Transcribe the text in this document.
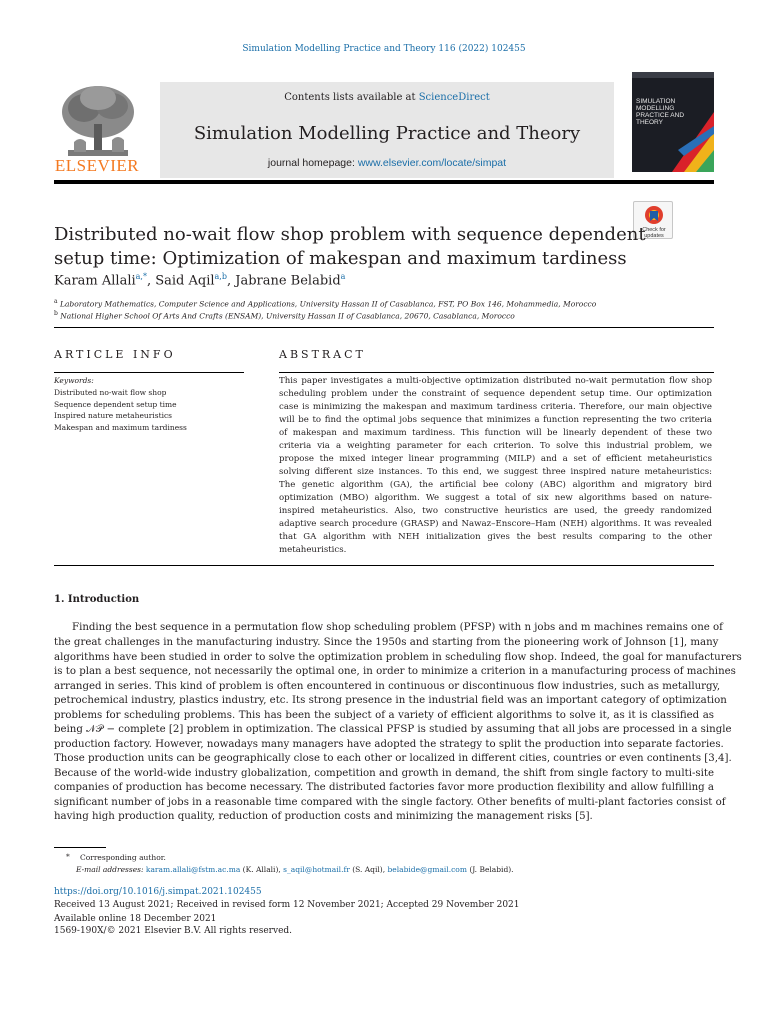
Simulation Modelling Practice and Theory 116 (2022) 102455
ELSEVIER
Contents lists available at ScienceDirect
Simulation Modelling Practice and Theory
journal homepage: www.elsevier.com/locate/simpat
SIMULATION MODELLING PRACTICE AND THEORY
Check for updates
Distributed no-wait flow shop problem with sequence dependent
setup time: Optimization of makespan and maximum tardiness
Karam Allali$^{a,*}$, Said Aqil$^{a,b}$, Jabrane Belabid$^a$
$^a$ Laboratory Mathematics, Computer Science and Applications, University Hassan II of Casablanca, FST, PO Box 146, Mohammedia, Morocco
$^b$ National Higher School Of Arts And Crafts (ENSAM), University Hassan II of Casablanca, 20670, Casablanca, Morocco
ARTICLE INFO	ABSTRACT
Keywords:
Distributed no-wait flow shop
Sequence dependent setup time
Inspired nature metaheuristics
Makespan and maximum tardiness
This paper investigates a multi-objective optimization distributed no-wait permutation flow shop
scheduling problem under the constraint of sequence dependent setup time. Our optimization
case is minimizing the makespan and maximum tardiness criteria. Therefore, our main objective
will be to find the optimal jobs sequence that minimizes a function representing the two criteria
of makespan and maximum tardiness. This function will be linearly dependent of these two
criteria via a weighting parameter for each criterion. To solve this industrial problem, we
propose the mixed integer linear programming (MILP) and a set of efficient metaheuristics
solving different size instances. To this end, we suggest three inspired nature metaheuristics:
The genetic algorithm (GA), the artificial bee colony (ABC) algorithm and migratory bird
optimization (MBO) algorithm. We suggest a total of six new algorithms based on nature-
inspired metaheuristics. Also, two constructive heuristics are used, the greedy randomized
adaptive search procedure (GRASP) and Nawaz–Enscore–Ham (NEH) algorithms. It was revealed
that GA algorithm with NEH initialization gives the best results comparing to the other
metaheuristics.
1. Introduction
Finding the best sequence in a permutation flow shop scheduling problem (PFSP) with n jobs and m machines remains one of
the great challenges in the manufacturing industry. Since the 1950s and starting from the pioneering work of Johnson [1], many
algorithms have been studied in order to solve the optimization problem in scheduling flow shop. Indeed, the goal for manufacturers
is to plan a best sequence, not necessarily the optimal one, in order to minimize a criterion in a manufacturing process of machines
arranged in series. This kind of problem is often encountered in continuous or discontinuous flow industries, such as metallurgy,
petrochemical industry, plastics industry, etc. Its strong presence in the industrial field was an important category of optimization
problems for scheduling problems. This has been the subject of a variety of efficient algorithms to solve it, as it is classified as
being 𝒩𝒫 − complete [2] problem in optimization. The classical PFSP is studied by assuming that all jobs are processed in a single
production factory. However, nowadays many managers have adopted the strategy to split the production into separate factories.
Those production units can be geographically close to each other or localized in different cities, countries or even continents [3,4].
Because of the world-wide industry globalization, competition and growth in demand, the shift from single factory to multi-site
companies of production has become necessary. The distributed factories favor more production flexibility and allow fulfilling a
significant number of jobs in a reasonable time compared with the single factory. Other benefits of multi-plant factories consist of
having high production quality, reduction of production costs and minimizing the management risks [5].
* Corresponding author.
E-mail addresses: karam.allali@fstm.ac.ma (K. Allali), s_aqil@hotmail.fr (S. Aqil), belabide@gmail.com (J. Belabid).
https://doi.org/10.1016/j.simpat.2021.102455
Received 13 August 2021; Received in revised form 12 November 2021; Accepted 29 November 2021
Available online 18 December 2021
1569-190X/© 2021 Elsevier B.V. All rights reserved.
